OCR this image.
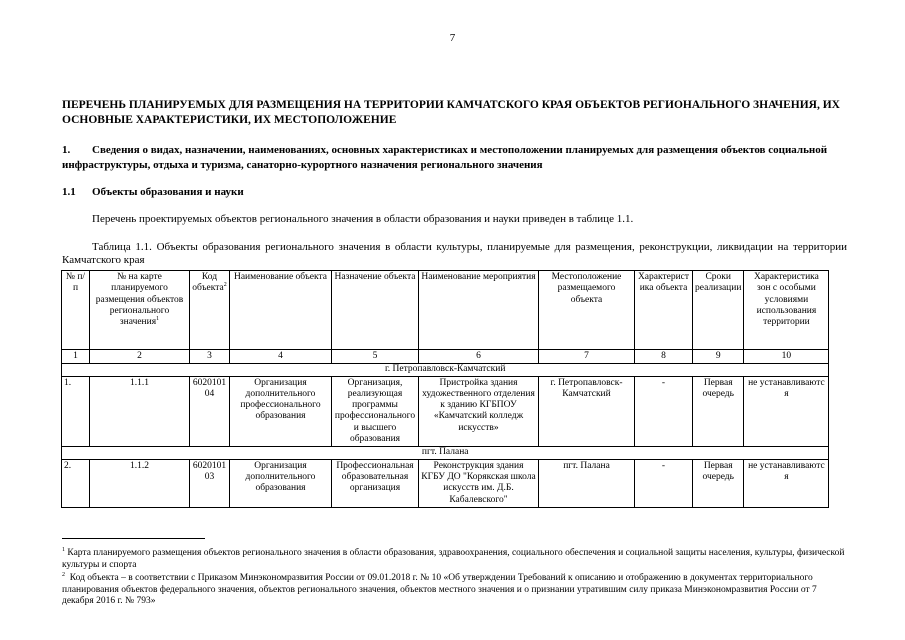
7
ПЕРЕЧЕНЬ ПЛАНИРУЕМЫХ ДЛЯ РАЗМЕЩЕНИЯ НА ТЕРРИТОРИИ КАМЧАТСКОГО КРАЯ ОБЪЕКТОВ РЕГИОНАЛЬНОГО ЗНАЧЕНИЯ, ИХ ОСНОВНЫЕ ХАРАКТЕРИСТИКИ, ИХ МЕСТОПОЛОЖЕНИЕ
1. Сведения о видах, назначении, наименованиях, основных характеристиках и местоположении планируемых для размещения объектов социальной инфраструктуры, отдыха и туризма, санаторно-курортного назначения регионального значения
1.1 Объекты образования и науки
Перечень проектируемых объектов регионального значения в области образования и науки приведен в таблице 1.1.
Таблица 1.1. Объекты образования регионального значения в области культуры, планируемые для размещения, реконструкции, ликвидации на территории Камчатского края
№ п/п	№ на карте планируемого размещения объектов регионального значения$^1$	Код объекта$^2$	Наименование объекта	Назначение объекта	Наименование мероприятия	Местоположение размещаемого объекта	Характерист ика объекта	Сроки реализации	Характеристика зон с особыми условиями использования территории
1	2	3	4	5	6	7	8	9	10
г. Петропавловск-Камчатский									
1.	1.1.1	6020101 04	Организация дополнительного профессионального образования	Организация, реализующая программы профессионального и высшего образования	Пристройка здания художественного отделения к зданию КГБПОУ «Камчатский колледж искусств»	г. Петропавловск-Камчатский	-	Первая очередь	не устанавливаютс я
пгт. Палана									
2.	1.1.2	6020101 03	Организация дополнительного образования	Профессиональная образовательная организация	Реконструкция здания КГБУ ДО "Корякская школа искусств им. Д.Б. Кабалевского"	пгт. Палана	-	Первая очередь	не устанавливаютс я
$^1$ Карта планируемого размещения объектов регионального значения в области образования, здравоохранения, социального обеспечения и социальной защиты населения, культуры, физической культуры и спорта
$^2$ Код объекта – в соответствии с Приказом Минэкономразвития России от 09.01.2018 г. № 10 «Об утверждении Требований к описанию и отображению в документах территориального планирования объектов федерального значения, объектов регионального значения, объектов местного значения и о признании утратившим силу приказа Минэкономразвития России от 7 декабря 2016 г. № 793»
